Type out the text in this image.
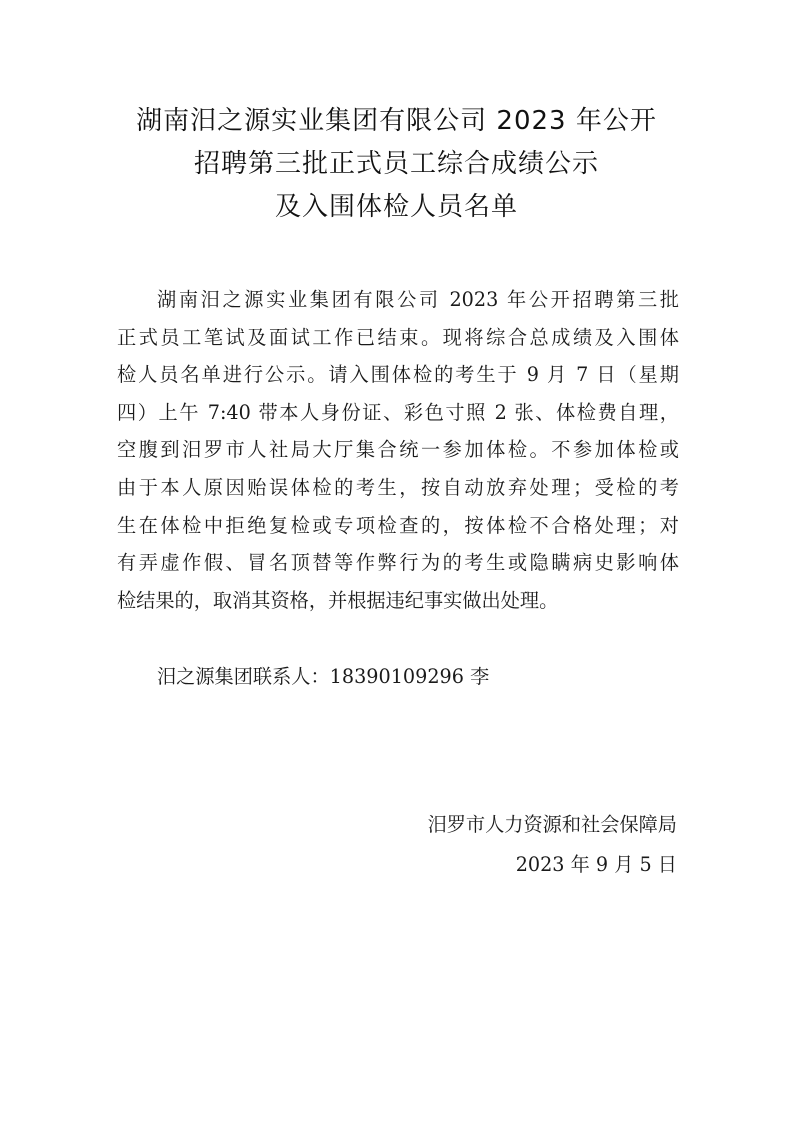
湖南汨之源实业集团有限公司 2023 年公开
招聘第三批正式员工综合成绩公示
及入围体检人员名单
湖南汨之源实业集团有限公司 2023 年公开招聘第三批
正式员工笔试及面试工作已结束。现将综合总成绩及入围体
检人员名单进行公示。请入围体检的考生于 9 月 7 日（星期
四）上午 7:40 带本人身份证、彩色寸照 2 张、体检费自理，
空腹到汨罗市人社局大厅集合统一参加体检。不参加体检或
由于本人原因贻误体检的考生，按自动放弃处理；受检的考
生在体检中拒绝复检或专项检查的，按体检不合格处理；对
有弄虚作假、冒名顶替等作弊行为的考生或隐瞒病史影响体
检结果的，取消其资格，并根据违纪事实做出处理。
汨之源集团联系人：18390109296 李
汨罗市人力资源和社会保障局
2023 年 9 月 5 日
